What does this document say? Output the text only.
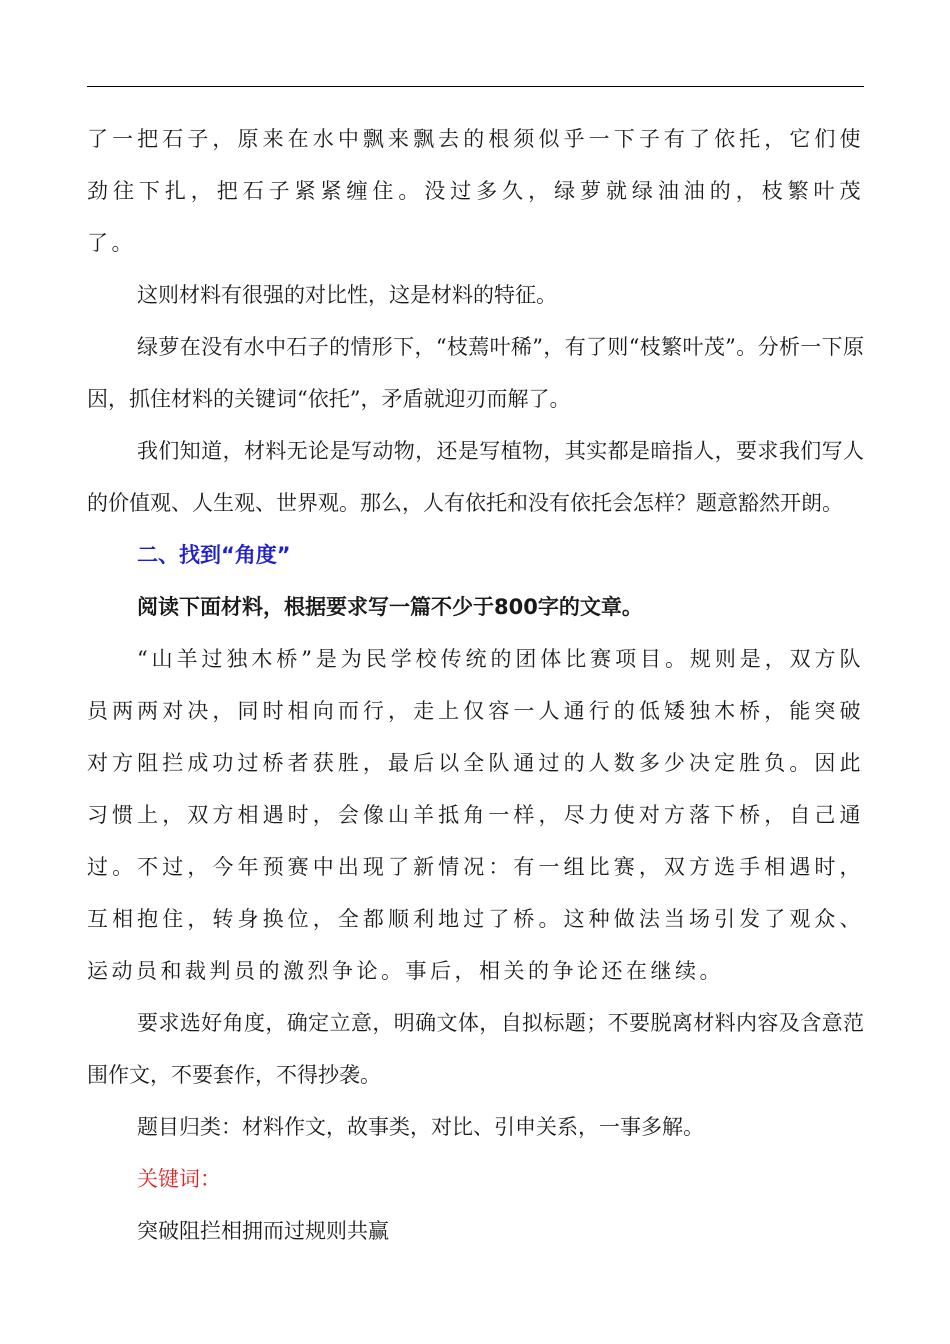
了一把石子，原来在水中飘来飘去的根须似乎一下子有了依托，它们使劲往下扎，把石子紧紧缠住。没过多久，绿萝就绿油油的，枝繁叶茂了。

这则材料有很强的对比性，这是材料的特征。

绿萝在没有水中石子的情形下，“枝蔫叶稀”，有了则“枝繁叶茂”。分析一下原因，抓住材料的关键词“依托”，矛盾就迎刃而解了。

我们知道，材料无论是写动物，还是写植物，其实都是暗指人，要求我们写人的价值观、人生观、世界观。那么，人有依托和没有依托会怎样？题意豁然开朗。

二、找到“角度”

阅读下面材料，根据要求写一篇不少于800字的文章。

“山羊过独木桥”是为民学校传统的团体比赛项目。规则是，双方队员两两对决，同时相向而行，走上仅容一人通行的低矮独木桥，能突破对方阻拦成功过桥者获胜，最后以全队通过的人数多少决定胜负。因此习惯上，双方相遇时，会像山羊抵角一样，尽力使对方落下桥，自己通过。不过，今年预赛中出现了新情况：有一组比赛，双方选手相遇时，互相抱住，转身换位，全都顺利地过了桥。这种做法当场引发了观众、运动员和裁判员的激烈争论。事后，相关的争论还在继续。

要求选好角度，确定立意，明确文体，自拟标题；不要脱离材料内容及含意范围作文，不要套作，不得抄袭。

题目归类：材料作文，故事类，对比、引申关系，一事多解。

关键词：

突破阻拦相拥而过规则共赢
